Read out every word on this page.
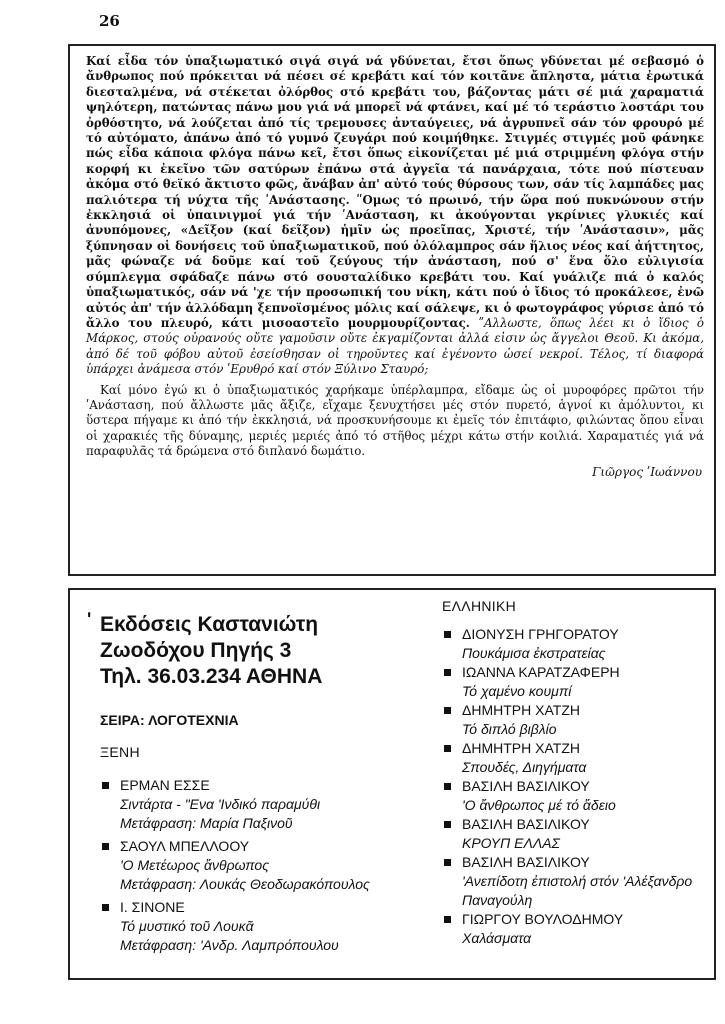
26

Καί εἶδα τόν ὑπαξιωματικό σιγά σιγά νά γδύνεται, ἔτσι ὅπως γδύνεται μέ σεβασμό ὁ ἄνθρωπος πού πρόκειται νά πέσει σέ κρεβάτι καί τόν κοιτᾶνε ἄπληστα, μάτια ἐρωτικά διεσταλμένα, νά στέκεται ὀλόρθος στό κρεβάτι του, βάζοντας μάτι σέ μιά χαραματιά ψηλότερη, πατώντας πάνω μου γιά νά μπορεῖ νά φτάνει, καί μέ τό τεράστιο λοστάρι του ὀρθόστητο, νά λούζεται ἀπό τίς τρεμουσες ἀνταύγειες, νά ἀγρυπνεῖ σάν τόν φρουρό μέ τό αὐτόματο, ἀπάνω ἀπό τό γυμνό ζευγάρι πού κοιμήθηκε. Στιγμές στιγμές μοῦ φάνηκε πώς εἶδα κάποια φλόγα πάνω κεῖ, ἔτσι ὅπως εἰκονίζεται μέ μιά στριμμένη φλόγα στήν κορφή κι ἐκεῖνο τῶν σατύρων ἐπάνω στά ἀγγεῖα τά πανάρχαια, τότε πού πίστευαν ἀκόμα στό θεϊκό ἄκτιστο φῶς, ἄνάβαν ἀπ' αὐτό τούς θύρσους των, σάν τίς λαμπάδες μας παλιότερα τή νύχτα τῆς ʹΑνάστασης. ʺΟμως τό πρωινό, τήν ὥρα πού πυκνώνουν στήν ἐκκλησιά οἱ ὑπαινιγμοί γιά τήν ʹΑνάσταση, κι ἀκούγονται γκρίνιες γλυκιές καί ἀνυπόμονες, «Δεῖξον (καί δεῖξον) ἡμῖν ὡς προεῖπας, Χριστέ, τήν ʹΑνάστασιν», μᾶς ξύπνησαν οἱ δονήσεις τοῦ ὑπαξιωματικοῦ, πού ὁλόλαμπρος σάν ἥλιος νέος καί ἀήττητος, μᾶς φώναζε νά δοῦμε καί τοῦ ζεύγους τήν ἀνάσταση, πού σ' ἕνα ὅλο εὐλιγισία σύμπλεγμα σφάδαζε πάνω στό σουσταλίδικο κρεβάτι του. Καί γυάλιζε πιά ὁ καλός ὑπαξιωματικός, σάν νά 'χε τήν προσωπική του νίκη, κάτι πού ὁ ἴδιος τό προκάλεσε, ἐνῶ αὐτός ἀπ' τήν ἀλλόδαμη ξεπνοϊσμένος μόλις καί σάλεψε, κι ὁ φωτογράφος γύρισε ἀπό τό ἄλλο του πλευρό, κάτι μισοαστεῖο μουρμουρίζοντας. ʺΑλλωστε, ὅπως λέει κι ὁ ἴδιος ὁ Μάρκος, στούς οὐρανούς οὔτε γαμοῦσιν οὔτε ἐκγαμίζονται ἀλλά εἰσιν ὡς ἄγγελοι Θεοῦ. Κι ἀκόμα, ἀπό δέ τοῦ φόβου αὐτοῦ ἐσείσθησαν οἱ τηροῦντες καί ἐγένοντο ὡσεί νεκροί. Τέλος, τί διαφορά ὑπάρχει ἀνάμεσα στόν ʹΕρυθρό καί στόν Ξύλινο Σταυρό;

Καί μόνο ἐγώ κι ὁ ὑπαξιωματικός χαρήκαμε ὑπέρλαμπρα, εἴδαμε ὡς οἱ μυροφόρες πρῶτοι τήν ʹΑνάσταση, πού ἄλλωστε μᾶς ἄξιζε, εἴχαμε ξενυχτήσει μές στόν πυρετό, ἁγνοί κι ἀμόλυντοι, κι ὕστερα πήγαμε κι ἀπό τήν ἐκκλησιά, νά προσκυνήσουμε κι ἐμεῖς τόν ἐπιτάφιο, φιλώντας ὅπου εἶναι οἱ χαρακιές τῆς δύναμης, μεριές μεριές ἀπό τό στῆθος μέχρι κάτω στήν κοιλιά. Χαραματιές γιά νά παραφυλᾶς τά δρώμενα στό διπλανό δωμάτιο.

Γιῶργος ʹΙωάννου
ʹ Εκδόσεις Καστανιώτη
Ζωοδόχου Πηγής 3
Τηλ. 36.03.234 ΑΘΗΝΑ
ΣΕΙΡΑ: ΛΟΓΟΤΕΧΝΙΑ
ΞΕΝΗ
ΕΡΜΑΝ ΕΣΣΕ
Σιντάρτα - ʺΕνα ʹΙνδικό παραμύθι
Μετάφραση: Μαρία Παξινοῦ
ΣΑΟΥΛ ΜΠΕΛΛΟΟΥ
ʹΟ Μετέωρος ἄνθρωπος
Μετάφραση: Λουκάς Θεοδωρακόπουλος
Ι. ΣΙΝΟΝΕ
Τό μυστικό τοῦ Λουκᾶ
Μετάφραση: ʹΑνδρ. Λαμπρόπουλου
ΕΛΛΗΝΙΚΗ
ΔΙΟΝΥΣΗ ΓΡΗΓΟΡΑΤΟΥ
Πουκάμισα ἐκστρατείας
ΙΩΑΝΝΑ ΚΑΡΑΤΖΑΦΕΡΗ
Τό χαμένο κουμπί
ΔΗΜΗΤΡΗ ΧΑΤΖΗ
Τό διπλό βιβλίο
ΔΗΜΗΤΡΗ ΧΑΤΖΗ
Σπουδές, Διηγήματα
ΒΑΣΙΛΗ ΒΑΣΙΛΙΚΟΥ
ʹΟ ἄνθρωπος μέ τό ἄδειο
ΒΑΣΙΛΗ ΒΑΣΙΛΙΚΟΥ
ΚΡΟΥΠ ΕΛΛΑΣ
ΒΑΣΙΛΗ ΒΑΣΙΛΙΚΟΥ
ʹΑνεπίδοτη ἐπιστολή στόν ʹΑλέξανδρο Παναγούλη
ΓΙΩΡΓΟΥ ΒΟΥΛΟΔΗΜΟΥ
Χαλάσματα
